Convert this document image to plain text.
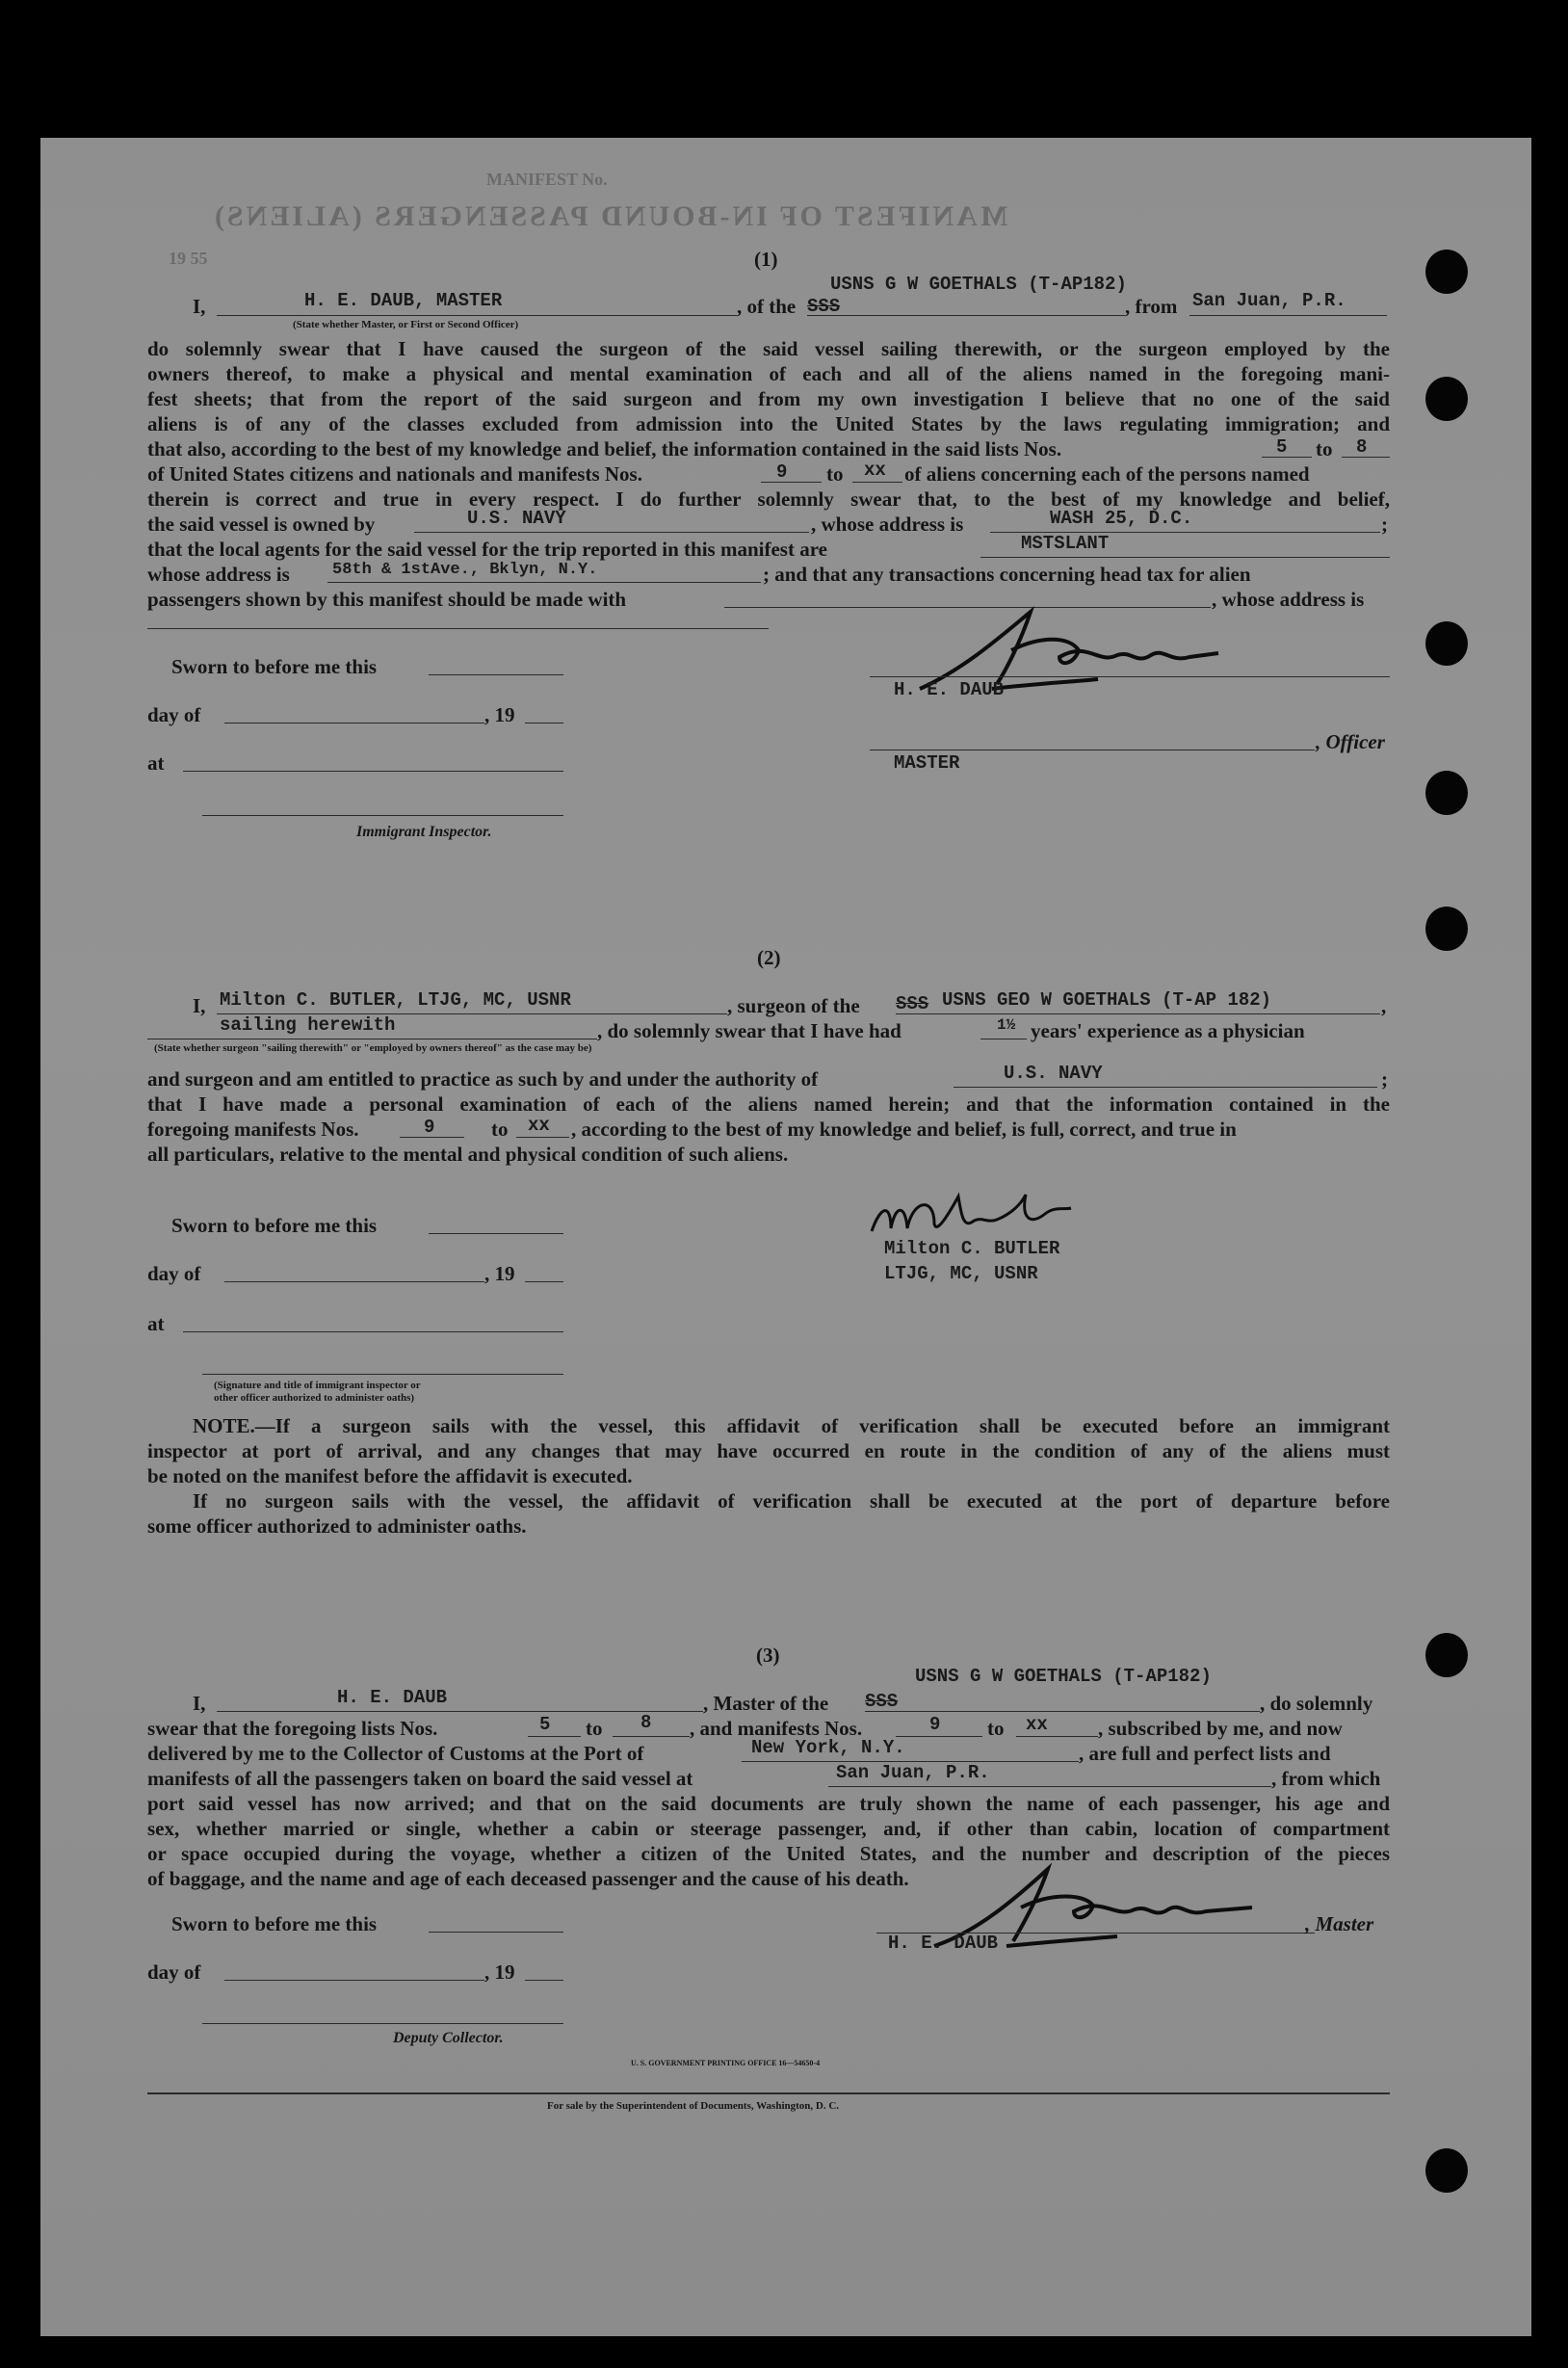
MANIFEST No.
MANIFEST OF IN-BOUND PASSENGERS (ALIENS)
19 55	(1)
USNS G W GOETHALS (T-AP182)
I,	H. E. DAUB, MASTER
(State whether Master, or First or Second Officer)
, of the SSS	, from San Juan, P.R.
do solemnly swear that I have caused the surgeon of the said vessel sailing therewith, or the surgeon employed by the
owners thereof, to make a physical and mental examination of each and all of the aliens named in the foregoing mani-
fest sheets; that from the report of the said surgeon and from my own investigation I believe that no one of the said
aliens is of any of the classes excluded from admission into the United States by the laws regulating immigration; and
that also, according to the best of my knowledge and belief, the information contained in the said lists Nos.	5 to 8
of United States citizens and nationals and manifests Nos.	9 to xx of aliens concerning each of the persons named
therein is correct and true in every respect. I do further solemnly swear that, to the best of my knowledge and belief,
the said vessel is owned by	U.S. NAVY	, whose address is	WASH 25, D.C.	;
that the local agents for the said vessel for the trip reported in this manifest are	MSTSLANT
whose address is	58th & 1stAve., Bklyn, N.Y.	; and that any transactions concerning head tax for alien
passengers shown by this manifest should be made with	, whose address is
Sworn to before me this
day of	, 19
at
Immigrant Inspector.
H. E. DAUB
, Officer
MASTER
(2)
I, Milton C. BUTLER, LTJG, MC, USNR	, surgeon of the SSS USNS GEO W GOETHALS (T-AP 182)	,
sailing herewith	, do solemnly swear that I have had	1½ years' experience as a physician
(State whether surgeon "sailing therewith" or "employed by owners thereof" as the case may be)
and surgeon and am entitled to practice as such by and under the authority of	U.S. NAVY	;
that I have made a personal examination of each of the aliens named herein; and that the information contained in the
foregoing manifests Nos.	9	to xx , according to the best of my knowledge and belief, is full, correct, and true in
all particulars, relative to the mental and physical condition of such aliens.
Sworn to before me this
day of	, 19
at
(Signature and title of immigrant inspector or
other officer authorized to administer oaths)
Milton C. BUTLER
LTJG, MC, USNR
NOTE.—If a surgeon sails with the vessel, this affidavit of verification shall be executed before an immigrant
inspector at port of arrival, and any changes that may have occurred en route in the condition of any of the aliens must
be noted on the manifest before the affidavit is executed.
If no surgeon sails with the vessel, the affidavit of verification shall be executed at the port of departure before
some officer authorized to administer oaths.
(3)
USNS G W GOETHALS (T-AP182)
I,	H. E. DAUB	, Master of the SSS	, do solemnly
swear that the foregoing lists Nos.	5 to 8 , and manifests Nos.	9 to xx , subscribed by me, and now
delivered by me to the Collector of Customs at the Port of	New York, N.Y.	, are full and perfect lists and
manifests of all the passengers taken on board the said vessel at	San Juan, P.R.	, from which
port said vessel has now arrived; and that on the said documents are truly shown the name of each passenger, his age and
sex, whether married or single, whether a cabin or steerage passenger, and, if other than cabin, location of compartment
or space occupied during the voyage, whether a citizen of the United States, and the number and description of the pieces
of baggage, and the name and age of each deceased passenger and the cause of his death.
Sworn to before me this
day of	, 19
Deputy Collector.
, Master
H. E. DAUB
U. S. GOVERNMENT PRINTING OFFICE 16—54650-4
For sale by the Superintendent of Documents, Washington, D. C.
